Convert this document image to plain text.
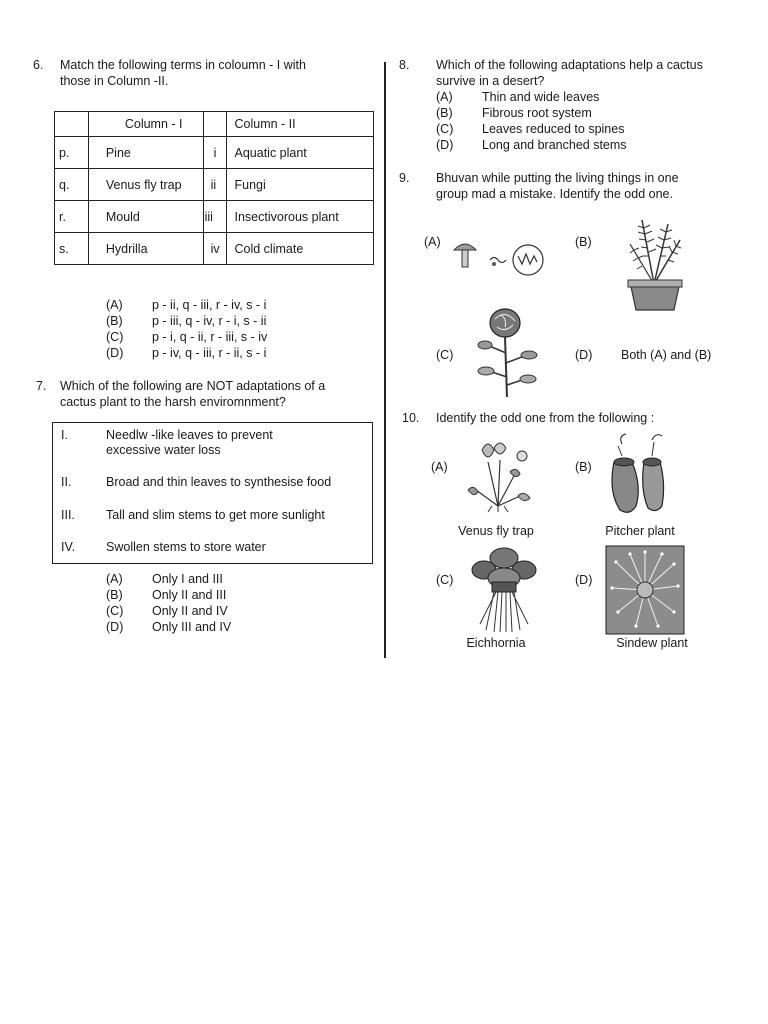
6. Match the following terms in coloumn - I with
those in Column -II.
	Column - I		Column - II
p.	Pine	i	Aquatic plant
q.	Venus fly trap	ii	Fungi
r.	Mould	iii	Insectivorous plant
s.	Hydrilla	iv	Cold climate
(A) p - ii, q - iii, r - iv, s - i
(B) p - iii, q - iv, r - i, s - ii
(C) p - i, q - ii, r - iii, s - iv
(D) p - iv, q - iii, r - ii, s - i
7. Which of the following are NOT adaptations of a
cactus plant to the harsh enviromnment?
I.	Needlw -like leaves to prevent
excessive water loss
II.	Broad and thin leaves to synthesise food
III. Tall and slim stems to get more sunlight
IV. Swollen stems to store water
(A) Only I and III
(B) Only II and III
(C) Only II and IV
(D) Only III and IV
8. Which of the following adaptations help a cactus
survive in a desert?
(A) Thin and wide leaves
(B) Fibrous root system
(C) Leaves reduced to spines
(D) Long and branched stems
9. Bhuvan while putting the living things in one
group mad a mistake. Identify the odd one.
(A)	(B)
(C)	(D) Both (A) and (B)
10. Identify the odd one from the following :
(A)
Venus fly trap
(B)
Pitcher plant
(C)
Eichhornia
(D)
Sindew plant
